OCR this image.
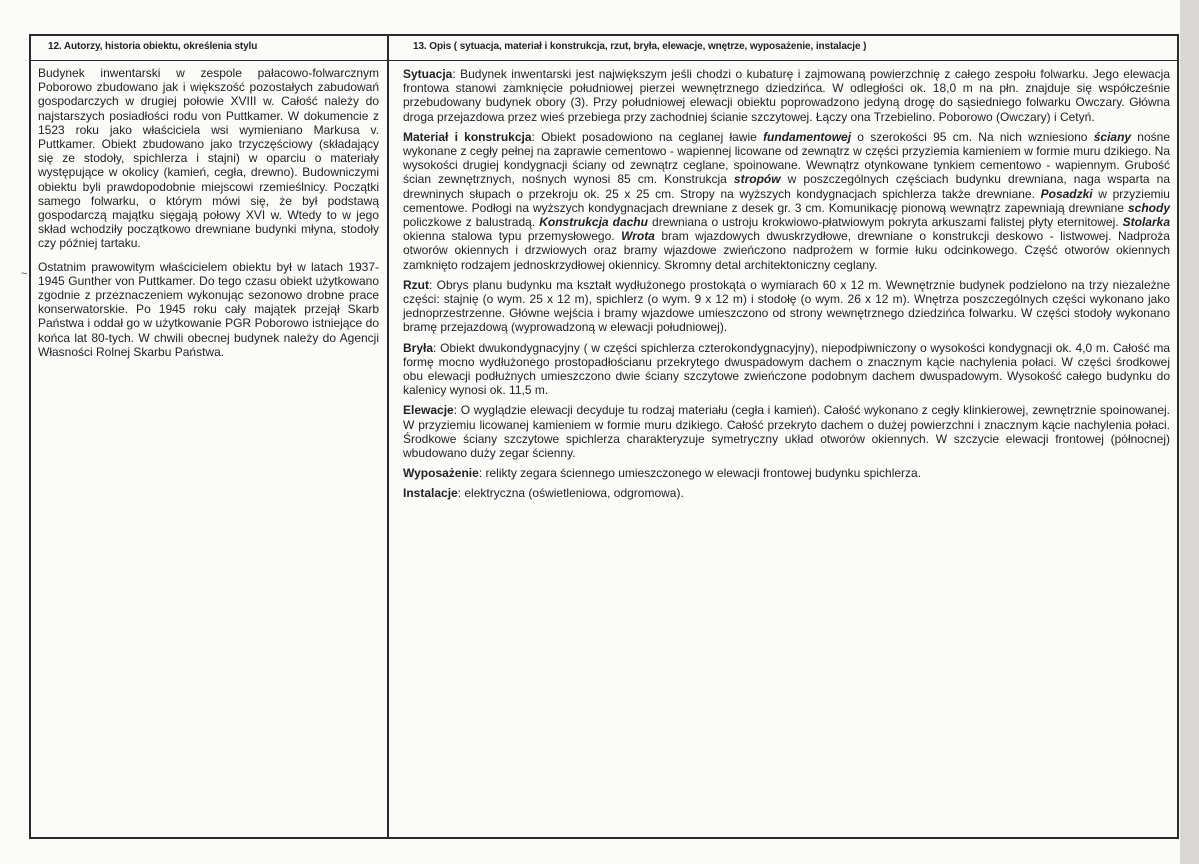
~
12. Autorzy, historia obiektu, określenia stylu	13. Opis ( sytuacja, materiał i konstrukcja, rzut, bryła, elewacje, wnętrze, wyposażenie, instalacje )

Budynek inwentarski w zespole pałacowo-folwarcznym Poborowo zbudowano jak i większość pozostałych zabudowań gospodarczych w drugiej połowie XVIII w. Całość należy do najstarszych posiadłości rodu von Puttkamer. W dokumencie z 1523 roku jako właściciela wsi wymieniano Markusa v. Puttkamer. Obiekt zbudowano jako trzyczęściowy (składający się ze stodoły, spichlerza i stajni) w oparciu o materiały występujące w okolicy (kamień, cegła, drewno). Budowniczymi obiektu byli prawdopodobnie miejscowi rzemieślnicy. Początki samego folwarku, o którym mówi się, że był podstawą gospodarczą majątku sięgają połowy XVI w. Wtedy to w jego skład wchodziły początkowo drewniane budynki młyna, stodoły czy później tartaku.

Ostatnim prawowitym właścicielem obiektu był w latach 1937-1945 Gunther von Puttkamer. Do tego czasu obiekt użytkowano zgodnie z przeznaczeniem wykonując sezonowo drobne prace konserwatorskie. Po 1945 roku cały majątek przejął Skarb Państwa i oddał go w użytkowanie PGR Poborowo istniejące do końca lat 80-tych. W chwili obecnej budynek należy do Agencji Własności Rolnej Skarbu Państwa.

Sytuacja: Budynek inwentarski jest największym jeśli chodzi o kubaturę i zajmowaną powierzchnię z całego zespołu folwarku. Jego elewacja frontowa stanowi zamknięcie południowej pierzei wewnętrznego dziedzińca. W odległości ok. 18,0 m na płn. znajduje się współcześnie przebudowany budynek obory (3). Przy południowej elewacji obiektu poprowadzono jedyną drogę do sąsiedniego folwarku Owczary. Główna droga przejazdowa przez wieś przebiega przy zachodniej ścianie szczytowej. Łączy ona Trzebielino. Poborowo (Owczary) i Cetyń.

Materiał i konstrukcja: Obiekt posadowiono na ceglanej ławie fundamentowej o szerokości 95 cm. Na nich wzniesiono ściany nośne wykonane z cegły pełnej na zaprawie cementowo - wapiennej licowane od zewnątrz w części przyziemia kamieniem w formie muru dzikiego. Na wysokości drugiej kondygnacji ściany od zewnątrz ceglane, spoinowane. Wewnątrz otynkowane tynkiem cementowo - wapiennym. Grubość ścian zewnętrznych, nośnych wynosi 85 cm. Konstrukcja stropów w poszczególnych częściach budynku drewniana, naga wsparta na drewninych słupach o przekroju ok. 25 x 25 cm. Stropy na wyższych kondygnacjach spichlerza także drewniane. Posadzki w przyziemiu cementowe. Podłogi na wyższych kondygnacjach drewniane z desek gr. 3 cm. Komunikację pionową wewnątrz zapewniają drewniane schody policzkowe z balustradą. Konstrukcja dachu drewniana o ustroju krokwiowo-płatwiowym pokryta arkuszami falistej płyty eternitowej. Stolarka okienna stalowa typu przemysłowego. Wrota bram wjazdowych dwuskrzydłowe, drewniane o konstrukcji deskowo - listwowej. Nadproża otworów okiennych i drzwiowych oraz bramy wjazdowe zwieńczono nadprożem w formie łuku odcinkowego. Część otworów okiennych zamknięto rodzajem jednoskrzydłowej okiennicy. Skromny detal architektoniczny ceglany.

Rzut: Obrys planu budynku ma kształt wydłużonego prostokąta o wymiarach 60 x 12 m. Wewnętrznie budynek podzielono na trzy niezależne części: stajnię (o wym. 25 x 12 m), spichlerz (o wym. 9 x 12 m) i stodołę (o wym. 26 x 12 m). Wnętrza poszczególnych części wykonano jako jednoprzestrzenne. Główne wejścia i bramy wjazdowe umieszczono od strony wewnętrznego dziedzińca folwarku. W części stodoły wykonano bramę przejazdową (wyprowadzoną w elewacji południowej).

Bryła: Obiekt dwukondygnacyjny ( w części spichlerza czterokondygnacyjny), niepodpiwniczony o wysokości kondygnacji ok. 4,0 m. Całość ma formę mocno wydłużonego prostopadłościanu przekrytego dwuspadowym dachem o znacznym kącie nachylenia połaci. W części środkowej obu elewacji podłużnych umieszczono dwie ściany szczytowe zwieńczone podobnym dachem dwuspadowym. Wysokość całego budynku do kalenicy wynosi ok. 11,5 m.

Elewacje: O wyglądzie elewacji decyduje tu rodzaj materiału (cegła i kamień). Całość wykonano z cegły klinkierowej, zewnętrznie spoinowanej. W przyziemiu licowanej kamieniem w formie muru dzikiego. Całość przekryto dachem o dużej powierzchni i znacznym kącie nachylenia połaci. Środkowe ściany szczytowe spichlerza charakteryzuje symetryczny układ otworów okiennych. W szczycie elewacji frontowej (północnej) wbudowano duży zegar ścienny.

Wyposażenie: relikty zegara ściennego umieszczonego w elewacji frontowej budynku spichlerza.

Instalacje: elektryczna (oświetleniowa, odgromowa).
